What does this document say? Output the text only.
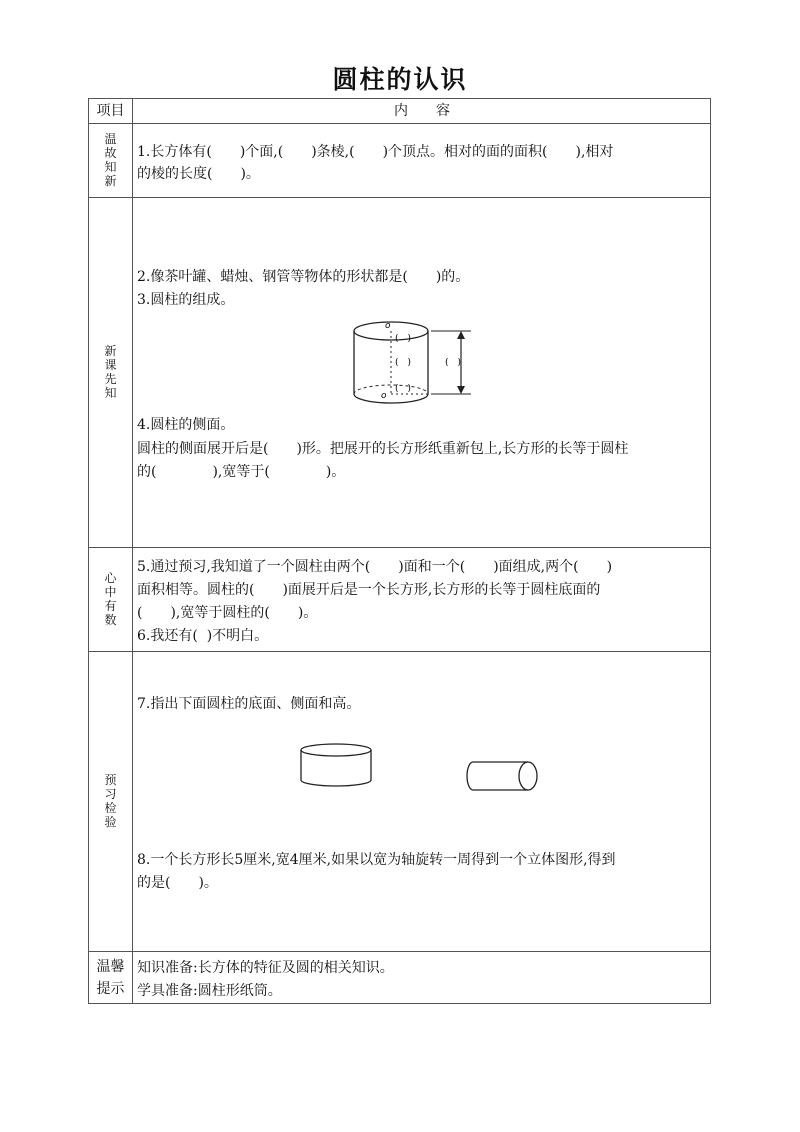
圆柱的认识
项目	内　　容
温
故
知
新
1.长方体有(　　)个面,(　　)条棱,(　　)个顶点。相对的面的面积(　　),相对
的棱的长度(　　)。
新
课
先
知
2.像茶叶罐、蜡烛、钢管等物体的形状都是(　　)的。
3.圆柱的组成。
o
o
(　)
(　)
(　)
(　)
4.圆柱的侧面。
圆柱的侧面展开后是(　　)形。把展开的长方形纸重新包上,长方形的长等于圆柱
的(　　　　),宽等于(　　　　)。
心
中
有
数
5.通过预习,我知道了一个圆柱由两个(　　)面和一个(　　)面组成,两个(　　)
面积相等。圆柱的(　　)面展开后是一个长方形,长方形的长等于圆柱底面的
(　　),宽等于圆柱的(　　)。
6.我还有(  )不明白。
预
习
检
验
7.指出下面圆柱的底面、侧面和高。
8.一个长方形长5厘米,宽4厘米,如果以宽为轴旋转一周得到一个立体图形,得到
的是(　　)。
温馨
提示
知识准备:长方体的特征及圆的相关知识。
学具准备:圆柱形纸筒。
